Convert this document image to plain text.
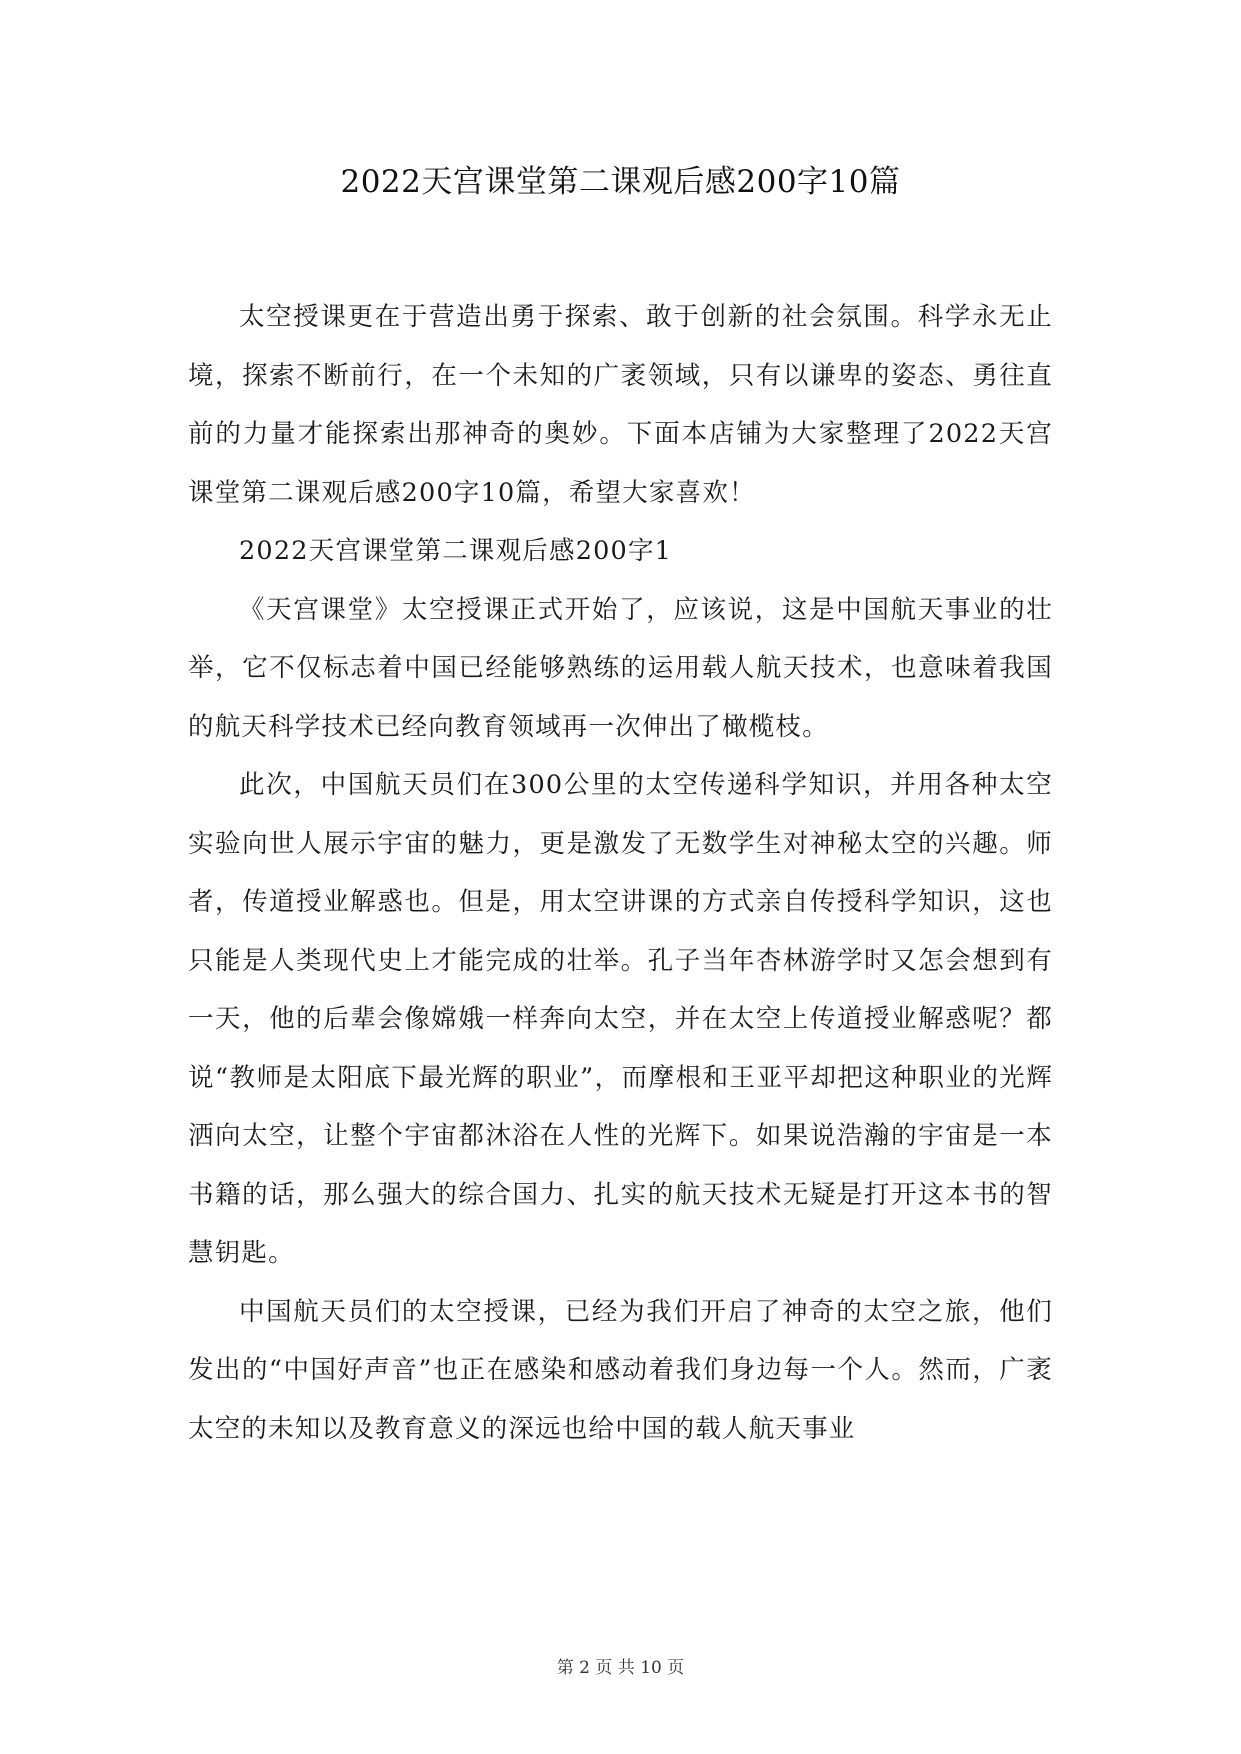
2022天宫课堂第二课观后感200字10篇

太空授课更在于营造出勇于探索、敢于创新的社会氛围。科学永无止境，探索不断前行，在一个未知的广袤领域，只有以谦卑的姿态、勇往直前的力量才能探索出那神奇的奥妙。下面本店铺为大家整理了2022天宫课堂第二课观后感200字10篇，希望大家喜欢！

2022天宫课堂第二课观后感200字1

《天宫课堂》太空授课正式开始了，应该说，这是中国航天事业的壮举，它不仅标志着中国已经能够熟练的运用载人航天技术，也意味着我国的航天科学技术已经向教育领域再一次伸出了橄榄枝。

此次，中国航天员们在300公里的太空传递科学知识，并用各种太空实验向世人展示宇宙的魅力，更是激发了无数学生对神秘太空的兴趣。师者，传道授业解惑也。但是，用太空讲课的方式亲自传授科学知识，这也只能是人类现代史上才能完成的壮举。孔子当年杏林游学时又怎会想到有一天，他的后辈会像嫦娥一样奔向太空，并在太空上传道授业解惑呢？都说“教师是太阳底下最光辉的职业”，而摩根和王亚平却把这种职业的光辉洒向太空，让整个宇宙都沐浴在人性的光辉下。如果说浩瀚的宇宙是一本书籍的话，那么强大的综合国力、扎实的航天技术无疑是打开这本书的智慧钥匙。

中国航天员们的太空授课，已经为我们开启了神奇的太空之旅，他们发出的“中国好声音”也正在感染和感动着我们身边每一个人。然而，广袤太空的未知以及教育意义的深远也给中国的载人航天事业

第 2 页 共 10 页
